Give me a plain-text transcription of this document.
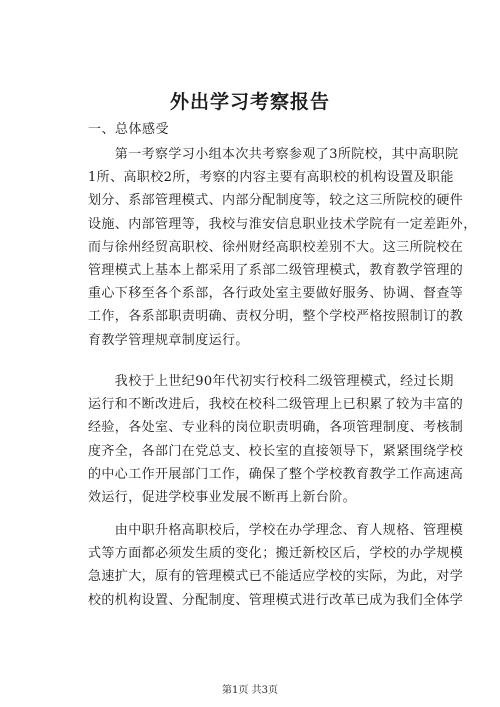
外出学习考察报告
一、总体感受
　　第一考察学习小组本次共考察参观了3所院校，其中高职院
1所、高职校2所，考察的内容主要有高职校的机构设置及职能
划分、系部管理模式、内部分配制度等，较之这三所院校的硬件
设施、内部管理等，我校与淮安信息职业技术学院有一定差距外，
而与徐州经贸高职校、徐州财经高职校差别不大。这三所院校在
管理模式上基本上都采用了系部二级管理模式，教育教学管理的
重心下移至各个系部，各行政处室主要做好服务、协调、督查等
工作，各系部职责明确、责权分明，整个学校严格按照制订的教
育教学管理规章制度运行。
　　我校于上世纪90年代初实行校科二级管理模式，经过长期
运行和不断改进后，我校在校科二级管理上已积累了较为丰富的
经验，各处室、专业科的岗位职责明确，各项管理制度、考核制
度齐全，各部门在党总支、校长室的直接领导下，紧紧围绕学校
的中心工作开展部门工作，确保了整个学校教育教学工作高速高
效运行，促进学校事业发展不断再上新台阶。
　　由中职升格高职校后，学校在办学理念、育人规格、管理模
式等方面都必须发生质的变化；搬迁新校区后，学校的办学规模
急速扩大，原有的管理模式已不能适应学校的实际，为此，对学
校的机构设置、分配制度、管理模式进行改革已成为我们全体学
第1页 共3页
